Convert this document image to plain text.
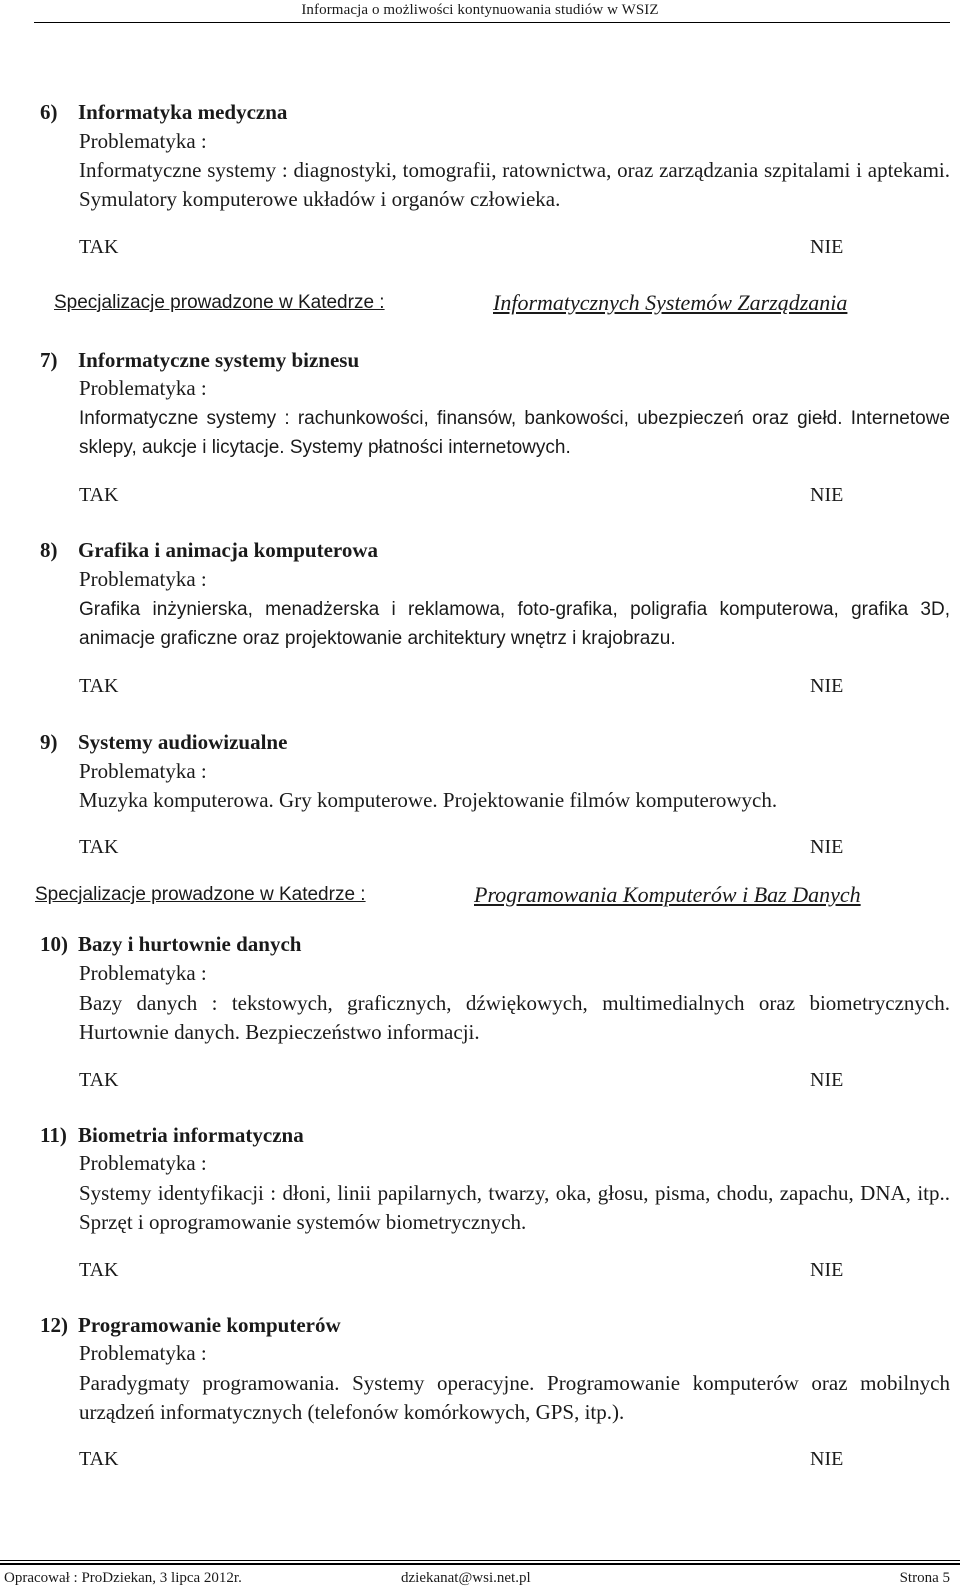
Informacja o możliwości kontynuowania studiów w WSIZ
6) Informatyka medyczna
Problematyka :
Informatyczne systemy : diagnostyki, tomografii, ratownictwa, oraz zarządzania szpitalami i aptekami. Symulatory komputerowe układów i organów człowieka.
TAK	NIE
Specjalizacje prowadzone w Katedrze :	Informatycznych Systemów Zarządzania
7) Informatyczne systemy biznesu
Problematyka :
Informatyczne systemy : rachunkowości, finansów, bankowości, ubezpieczeń oraz giełd. Internetowe sklepy, aukcje i licytacje. Systemy płatności internetowych.
TAK	NIE
8) Grafika i animacja komputerowa
Problematyka :
Grafika inżynierska, menadżerska i reklamowa, foto-grafika, poligrafia komputerowa, grafika 3D, animacje graficzne oraz projektowanie architektury wnętrz i krajobrazu.
TAK	NIE
9) Systemy audiowizualne
Problematyka :
Muzyka komputerowa. Gry komputerowe. Projektowanie filmów komputerowych.
TAK	NIE
Specjalizacje prowadzone w Katedrze :	Programowania Komputerów i Baz Danych
10) Bazy i hurtownie danych
Problematyka :
Bazy danych : tekstowych, graficznych, dźwiękowych, multimedialnych oraz biometrycznych. Hurtownie danych. Bezpieczeństwo informacji.
TAK	NIE
11) Biometria informatyczna
Problematyka :
Systemy identyfikacji : dłoni, linii papilarnych, twarzy, oka, głosu, pisma, chodu, zapachu, DNA, itp.. Sprzęt i oprogramowanie systemów biometrycznych.
TAK	NIE
12) Programowanie komputerów
Problematyka :
Paradygmaty programowania. Systemy operacyjne. Programowanie komputerów oraz mobilnych urządzeń informatycznych (telefonów komórkowych, GPS, itp.).
TAK	NIE
Opracował : ProDziekan, 3 lipca 2012r.	dziekanat@wsi.net.pl	Strona 5
